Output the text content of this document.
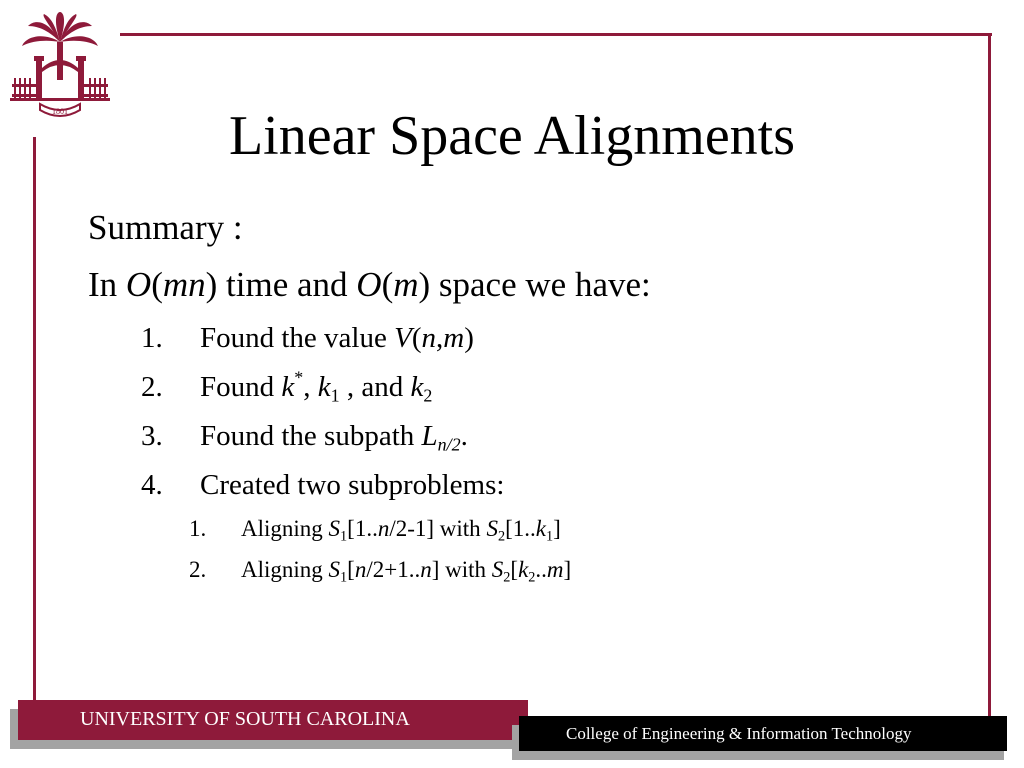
1801	Linear Space Alignments
Summary :
In O(mn) time and O(m) space we have:
1. Found the value V(n,m)
2. Found k*, $k_1$ , and $k_2$
3. Found the subpath $L_{n/2}$.
4. Created two subproblems:
1. Aligning $S_1[1..n/2-1]$ with $S_2[1..k_1]$
2. Aligning $S_1[n/2+1..n]$ with $S_2[k_2..m]$
UNIVERSITY OF SOUTH CAROLINA
College of Engineering & Information Technology
